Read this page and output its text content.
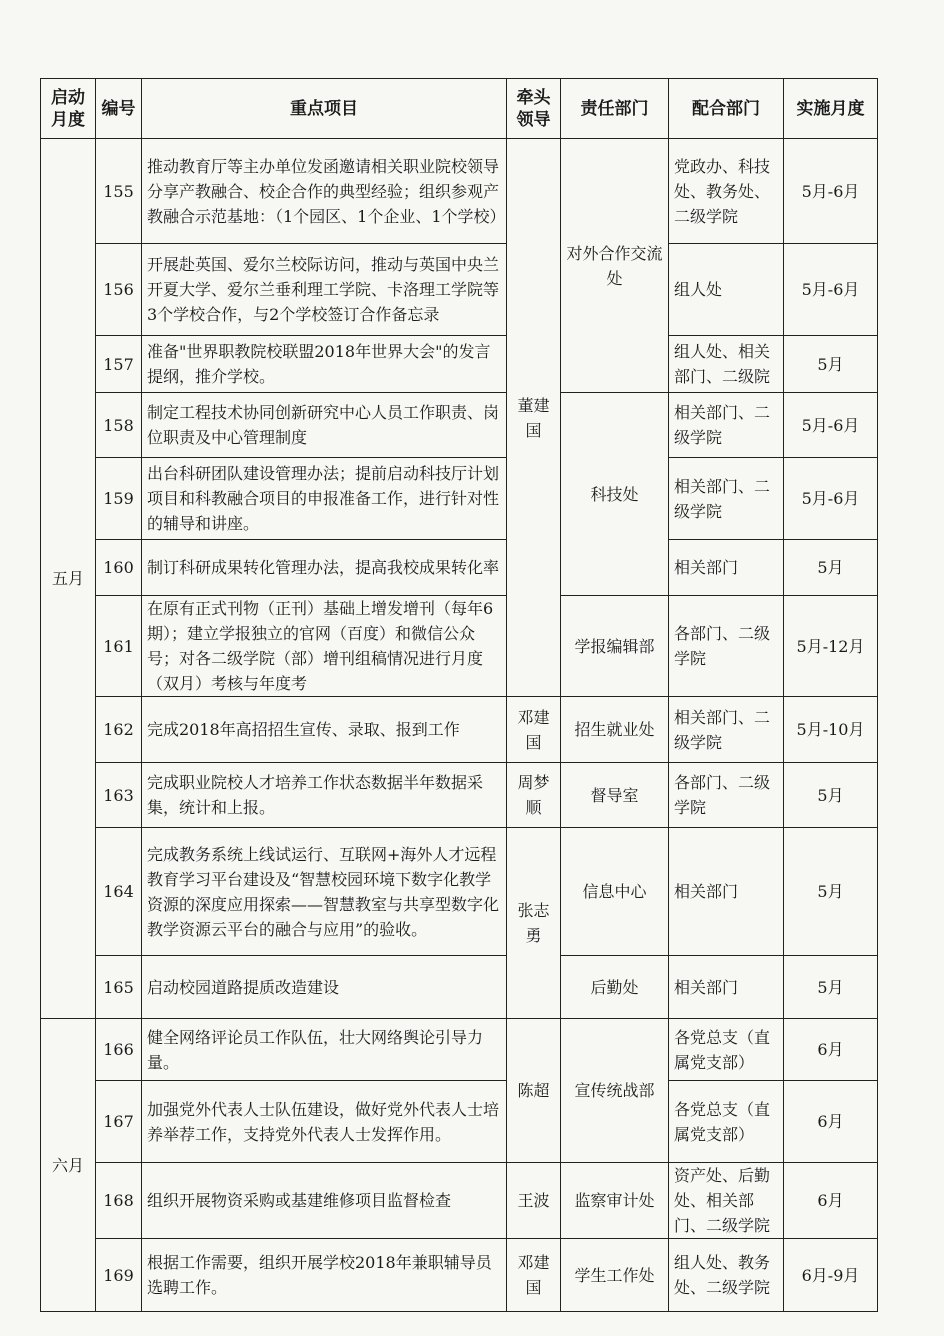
启动月度	编号	重点项目	牵头领导	责任部门	配合部门	实施月度
五月	155	推动教育厅等主办单位发函邀请相关职业院校领导分享产教融合、校企合作的典型经验；组织参观产教融合示范基地：（1个园区、1个企业、1个学校）	董建国	对外合作交流处	党政办、科技处、教务处、二级学院	5月-6月
	156	开展赴英国、爱尔兰校际访问，推动与英国中央兰开夏大学、爱尔兰垂利理工学院、卡洛理工学院等3个学校合作，与2个学校签订合作备忘录			组人处	5月-6月
	157	准备"世界职教院校联盟2018年世界大会"的发言提纲，推介学校。			组人处、相关部门、二级院	5月
	158	制定工程技术协同创新研究中心人员工作职责、岗位职责及中心管理制度		科技处	相关部门、二级学院	5月-6月
	159	出台科研团队建设管理办法；提前启动科技厅计划项目和科教融合项目的申报准备工作，进行针对性的辅导和讲座。			相关部门、二级学院	5月-6月
	160	制订科研成果转化管理办法，提高我校成果转化率			相关部门	5月
	161	在原有正式刊物（正刊）基础上增发增刊（每年6期）；建立学报独立的官网（百度）和微信公众号；对各二级学院（部）增刊组稿情况进行月度（双月）考核与年度考		学报编辑部	各部门、二级学院	5月-12月
	162	完成2018年高招招生宣传、录取、报到工作	邓建国	招生就业处	相关部门、二级学院	5月-10月
	163	完成职业院校人才培养工作状态数据半年数据采集，统计和上报。	周梦顺	督导室	各部门、二级学院	5月
	164	完成教务系统上线试运行、互联网+海外人才远程教育学习平台建设及“智慧校园环境下数字化教学资源的深度应用探索——智慧教室与共享型数字化教学资源云平台的融合与应用”的验收。	张志勇	信息中心	相关部门	5月
	165	启动校园道路提质改造建设		后勤处	相关部门	5月
六月	166	健全网络评论员工作队伍，壮大网络舆论引导力量。	陈超	宣传统战部	各党总支（直属党支部）	6月
	167	加强党外代表人士队伍建设，做好党外代表人士培养举荐工作，支持党外代表人士发挥作用。			各党总支（直属党支部）	6月
	168	组织开展物资采购或基建维修项目监督检查	王波	监察审计处	资产处、后勤处、相关部门、二级学院	6月
	169	根据工作需要，组织开展学校2018年兼职辅导员选聘工作。	邓建国	学生工作处	组人处、教务处、二级学院	6月-9月
